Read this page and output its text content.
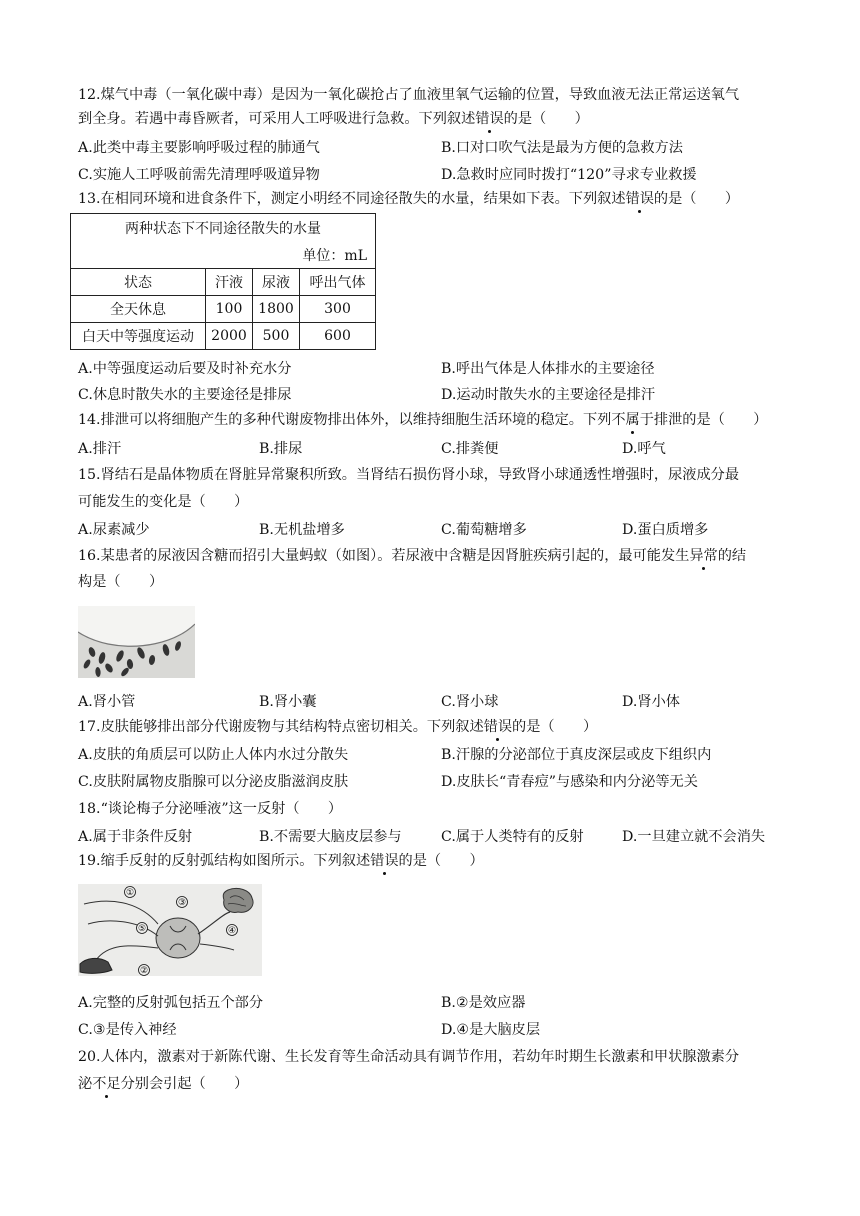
12.煤气中毒（一氧化碳中毒）是因为一氧化碳抢占了血液里氧气运输的位置，导致血液无法正常运送氧气
到全身。若遇中毒昏厥者，可采用人工呼吸进行急救。下列叙述错误的是（　　）
A.此类中毒主要影响呼吸过程的肺通气	B.口对口吹气法是最为方便的急救方法
C.实施人工呼吸前需先清理呼吸道异物	D.急救时应同时拨打“120”寻求专业救援
13.在相同环境和进食条件下，测定小明经不同途径散失的水量，结果如下表。下列叙述错误的是（　　）
两种状态下不同途径散失的水量			
单位：mL			
状态	汗液	尿液	呼出气体
全天休息	100	1800	300
白天中等强度运动	2000	500	600
A.中等强度运动后要及时补充水分	B.呼出气体是人体排水的主要途径
C.休息时散失水的主要途径是排尿	D.运动时散失水的主要途径是排汗
14.排泄可以将细胞产生的多种代谢废物排出体外，以维持细胞生活环境的稳定。下列不属于排泄的是（　　）
A.排汗	B.排尿	C.排粪便	D.呼气
15.肾结石是晶体物质在肾脏异常聚积所致。当肾结石损伤肾小球，导致肾小球通透性增强时，尿液成分最
可能发生的变化是（　　）
A.尿素减少	B.无机盐增多	C.葡萄糖增多	D.蛋白质增多
16.某患者的尿液因含糖而招引大量蚂蚁（如图）。若尿液中含糖是因肾脏疾病引起的，最可能发生异常的结
构是（　　）
A.肾小管	B.肾小囊	C.肾小球	D.肾小体
17.皮肤能够排出部分代谢废物与其结构特点密切相关。下列叙述错误的是（　　）
A.皮肤的角质层可以防止人体内水过分散失	B.汗腺的分泌部位于真皮深层或皮下组织内
C.皮肤附属物皮脂腺可以分泌皮脂滋润皮肤	D.皮肤长“青春痘”与感染和内分泌等无关
18.“谈论梅子分泌唾液”这一反射（　　）
A.属于非条件反射	B.不需要大脑皮层参与	C.属于人类特有的反射	D.一旦建立就不会消失
19.缩手反射的反射弧结构如图所示。下列叙述错误的是（　　）
①
②
③
④
⑤
A.完整的反射弧包括五个部分	B.②是效应器
C.③是传入神经	D.④是大脑皮层
20.人体内，激素对于新陈代谢、生长发育等生命活动具有调节作用，若幼年时期生长激素和甲状腺激素分
泌不足分别会引起（　　）
